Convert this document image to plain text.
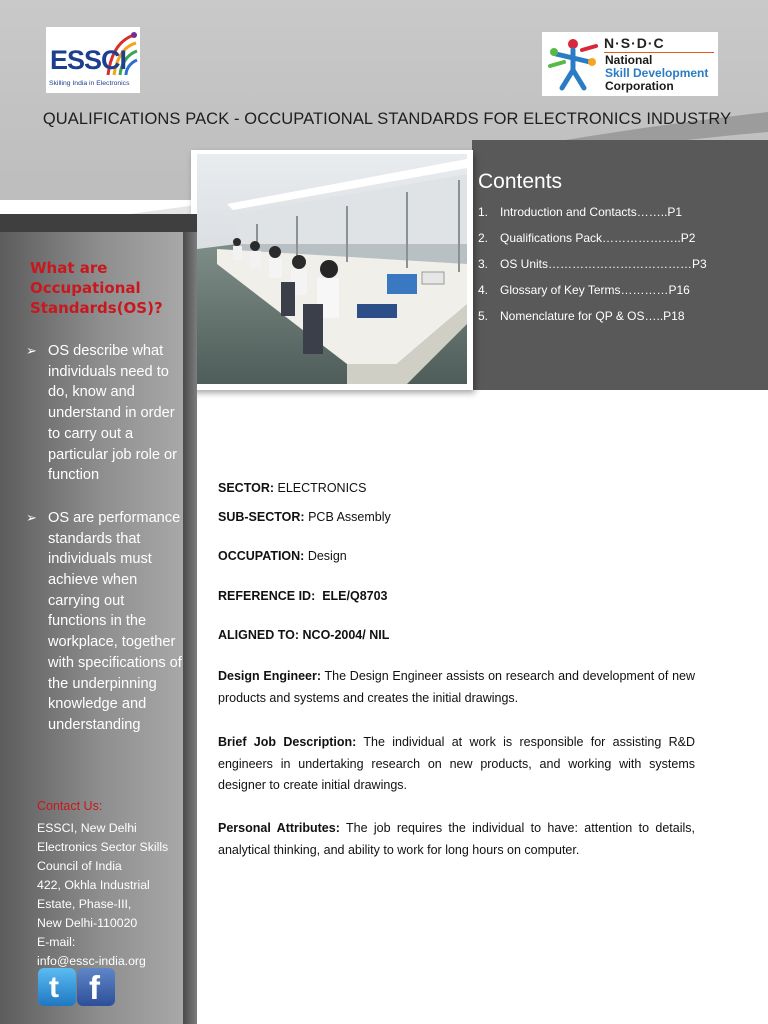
ESSCI
Skilling India in Electronics
N·S·D·C
National
Skill Development
Corporation
QUALIFICATIONS PACK - OCCUPATIONAL STANDARDS FOR ELECTRONICS INDUSTRY
Contents
1. Introduction and Contacts……..P1
2. Qualifications Pack………………..P2
3. OS Units………………………………P3
4. Glossary of Key Terms…………P16
5. Nomenclature for QP & OS…..P18
What are Occupational Standards(OS)?
➢ OS describe what individuals need to do, know and understand in order to carry out a particular job role or function
➢ OS are performance standards that individuals must achieve when carrying out functions in the workplace, together with specifications of the underpinning knowledge and understanding
Contact Us:
ESSCI, New Delhi
Electronics Sector Skills
Council of India
422, Okhla Industrial
Estate, Phase-III,
New Delhi-110020
E-mail:
info@essc-india.org
t f
SECTOR: ELECTRONICS
SUB-SECTOR: PCB Assembly
OCCUPATION: Design
REFERENCE ID: ELE/Q8703
ALIGNED TO: NCO-2004/ NIL
Design Engineer: The Design Engineer assists on research and development of new products and systems and creates the initial drawings.
Brief Job Description: The individual at work is responsible for assisting R&D engineers in undertaking research on new products, and working with systems designer to create initial drawings.
Personal Attributes: The job requires the individual to have: attention to details, analytical thinking, and ability to work for long hours on computer.
